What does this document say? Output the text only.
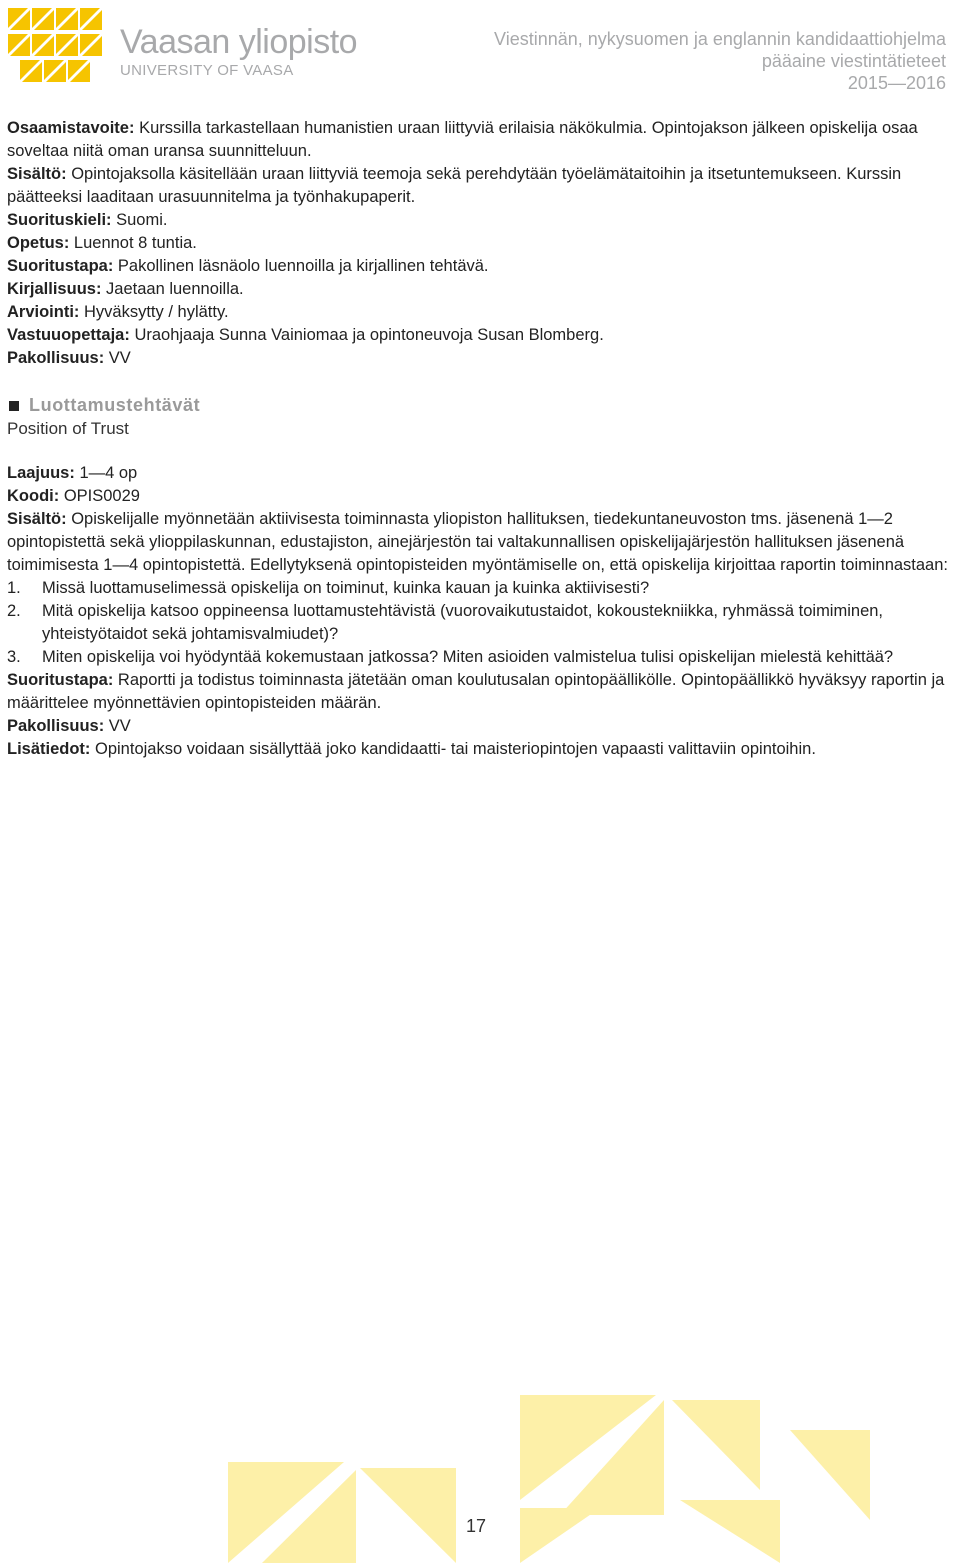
Vaasan yliopisto
UNIVERSITY OF VAASA
Viestinnän, nykysuomen ja englannin kandidaattiohjelma
pääaine viestintätieteet
2015—2016

Osaamistavoite: Kurssilla tarkastellaan humanistien uraan liittyviä erilaisia näkökulmia. Opintojakson jälkeen opiskelija osaa soveltaa niitä oman uransa suunnitteluun.

Sisältö: Opintojaksolla käsitellään uraan liittyviä teemoja sekä perehdytään työelämätaitoihin ja itsetuntemukseen. Kurssin päätteeksi laaditaan urasuunnitelma ja työnhakupaperit.

Suorituskieli: Suomi.

Opetus: Luennot 8 tuntia.

Suoritustapa: Pakollinen läsnäolo luennoilla ja kirjallinen tehtävä.

Kirjallisuus: Jaetaan luennoilla.

Arviointi: Hyväksytty / hylätty.

Vastuuopettaja: Uraohjaaja Sunna Vainiomaa ja opintoneuvoja Susan Blomberg.

Pakollisuus: VV

Luottamustehtävät

Position of Trust

Laajuus: 1—4 op

Koodi: OPIS0029

Sisältö: Opiskelijalle myönnetään aktiivisesta toiminnasta yliopiston hallituksen, tiedekuntaneuvoston tms. jäsenenä 1—2 opintopistettä sekä ylioppilaskunnan, edustajiston, ainejärjestön tai valtakunnallisen opiskelijajärjestön hallituksen jäsenenä toimimisesta 1—4 opintopistettä. Edellytyksenä opintopisteiden myöntämiselle on, että opiskelija kirjoittaa raportin toiminnastaan:

1.	Missä luottamuselimessä opiskelija on toiminut, kuinka kauan ja kuinka aktiivisesti?
2.	Mitä opiskelija katsoo oppineensa luottamustehtävistä (vuorovaikutustaidot, kokoustekniikka, ryhmässä toimiminen, yhteistyötaidot sekä johtamisvalmiudet)?
3.	Miten opiskelija voi hyödyntää kokemustaan jatkossa? Miten asioiden valmistelua tulisi opiskelijan mielestä kehittää?

Suoritustapa: Raportti ja todistus toiminnasta jätetään oman koulutusalan opintopäällikölle. Opintopäällikkö hyväksyy raportin ja määrittelee myönnettävien opintopisteiden määrän.

Pakollisuus: VV

Lisätiedot: Opintojakso voidaan sisällyttää joko kandidaatti- tai maisteriopintojen vapaasti valittaviin opintoihin.

17
